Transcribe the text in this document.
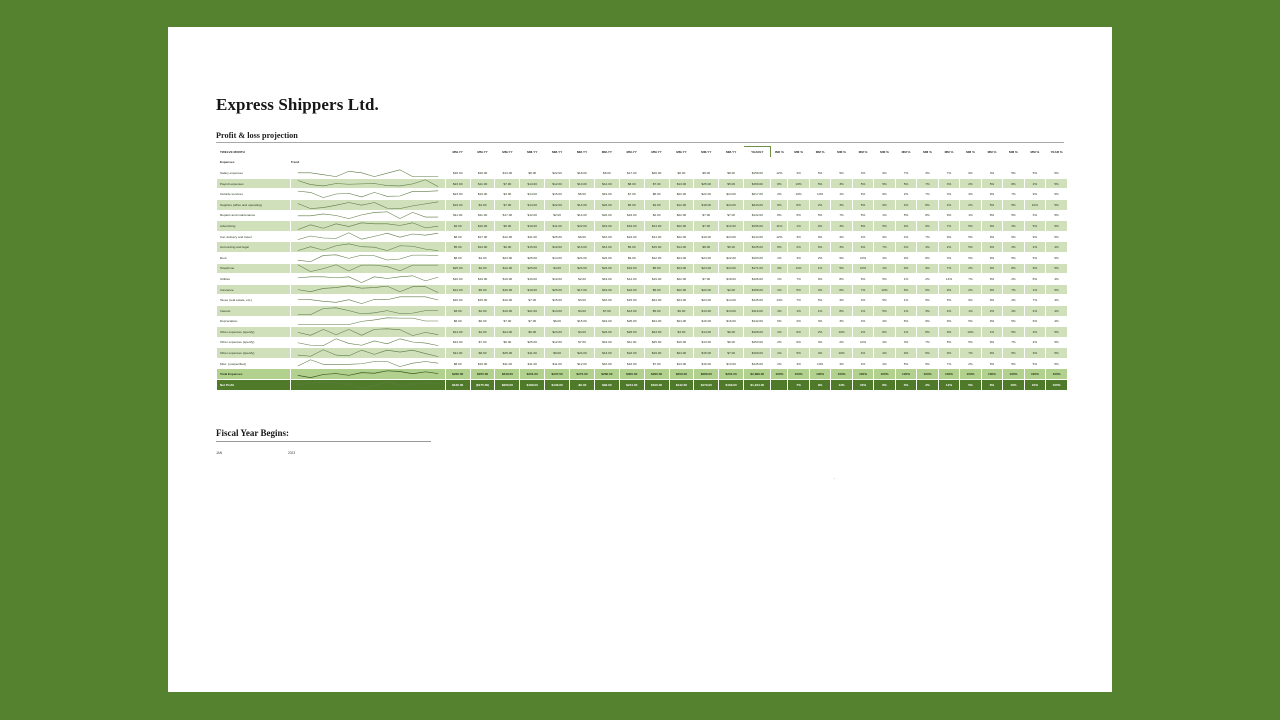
Express Shippers Ltd.
Profit & loss projection
TWELVE MONTH		MM-YY	MM-YY	MM-YY	MM-YY	MM-YY	MM-YY	MM-YY	MM-YY	MM-YY	MM-YY	MM-YY	MM-YY	YEARLY	IND %	MM %	MM %	MM %	MM %	MM %	MM %	MM %	MM %	MM %	MM %	MM %	MM %	YEAR %
Expenses	Trend																											
Salary expenses		$18.00	$18.00	$13.00	$8.00	$22.00	$18.00	$8.00	$17.00	$26.00	$8.00	$8.00	$8.00	$158.00	12%	4%	5%	5%	3%	9%	7%	3%	7%	9%	3%	5%	5%	5%
Payroll expenses		$23.00	$11.00	$7.00	$14.00	$12.00	$13.00	$14.00	$8.00	$7.00	$13.00	$25.00	$5.00	$159.00	8%	10%	5%	3%	5%	5%	5%	7%	3%	2%	5%	8%	2%	5%
Outside services		$23.00	$19.00	$3.00	$14.00	$16.00	$5.00	$19.00	$7.00	$8.00	$22.00	$22.00	$24.00	$217.00	2%	10%	10%	1%	6%	6%	2%	7%	3%	3%	9%	7%	9%	5%
Supplies (office and operating)		$19.00	$4.00	$7.00	$14.00	$22.00	$14.00	$22.00	$5.00	$4.00	$12.00	$18.00	$24.00	$243.00	8%	8%	2%	3%	5%	9%	4%	8%	4%	2%	5%	5%	10%	5%
Repairs and maintenance		$11.00	$11.00	$17.00	$12.00	$2.00	$14.00	$22.00	$24.00	$2.00	$22.00	$7.00	$7.00	$132.00	8%	5%	5%	7%	5%	1%	5%	8%	9%	1%	8%	5%	3%	5%
Advertising		$2.00	$16.00	$6.00	$19.00	$11.00	$22.00	$19.00	$19.00	$14.00	$22.00	$7.00	$12.00	$156.00	11%	1%	9%	3%	8%	5%	9%	9%	7%	5%	9%	3%	5%	5%
Car, delivery and travel		$8.00	$17.00	$12.00	$11.00	$25.00	$9.00	$16.00	$24.00	$14.00	$22.00	$19.00	$24.00	$144.00	12%	3%	9%	4%	4%	9%	4%	7%	9%	5%	9%	6%	9%	5%
Accounting and legal		$5.00	$13.00	$6.00	$15.00	$19.00	$13.00	$12.00	$5.00	$15.00	$14.00	$8.00	$5.00	$135.00	8%	2%	6%	3%	6%	7%	4%	4%	2%	5%	6%	3%	2%	4%
Rent		$8.00	$4.00	$23.00	$25.00	$14.00	$24.00	$22.00	$9.00	$12.00	$24.00	$24.00	$22.00	$193.00	1%	3%	2%	9%	10%	4%	9%	8%	3%	5%	9%	5%	5%	5%
Telephone		$25.00	$2.00	$12.00	$25.00	$4.00	$24.00	$24.00	$19.00	$5.00	$24.00	$24.00	$24.00	$171.00	3%	11%	1%	5%	10%	1%	9%	9%	7%	2%	9%	8%	9%	5%
Utilities		$16.00	$19.00	$19.00	$16.00	$19.00	$2.00	$19.00	$14.00	$19.00	$22.00	$7.00	$18.00	$166.00	1%	7%	9%	8%	6%	5%	1%	2%	14%	7%	9%	2%	8%	4%
Insurance		$12.00	$5.00	$16.00	$19.00	$25.00	$17.00	$19.00	$24.00	$5.00	$22.00	$22.00	$2.00	$158.00	1%	5%	4%	6%	7%	10%	6%	6%	9%	2%	9%	7%	1%	5%
Taxes (real estate, etc.)		$16.00	$15.00	$10.00	$7.00	$15.00	$3.00	$16.00	$15.00	$24.00	$24.00	$24.00	$14.00	$145.00	14%	7%	5%	4%	3%	5%	1%	5%	5%	9%	9%	4%	7%	4%
Interest		$3.00	$2.00	$19.00	$21.00	$13.00	$4.00	$7.00	$13.00	$5.00	$6.00	$13.00	$13.00	$119.00	4%	1%	1%	8%	1%	5%	1%	3%	4%	1%	2%	4%	4%	4%
Depreciation		$6.00	$6.00	$7.00	$7.00	$6.00	$15.00	$19.00	$25.00	$24.00	$24.00	$16.00	$16.00	$142.00	6%	2%	3%	3%	3%	4%	6%	9%	9%	5%	9%	5%	6%	4%
Other expenses (specify)		$14.00	$4.00	$24.00	$6.00	$24.00	$4.00	$24.00	$26.00	$23.00	$3.00	$14.00	$6.00	$168.00	1%	6%	2%	10%	2%	8%	1%	8%	9%	10%	1%	5%	3%	5%
Other expenses (specify)		$14.00	$7.00	$6.00	$25.00	$12.00	$7.00	$19.00	$11.00	$25.00	$16.00	$13.00	$6.00	$153.00	2%	6%	3%	2%	10%	4%	3%	7%	5%	5%	9%	7%	4%	5%
Other expenses (specify)		$11.00	$8.00	$25.00	$11.00	$9.00	$24.00	$13.00	$24.00	$19.00	$24.00	$15.00	$7.00	$190.00	1%	5%	4%	10%	4%	4%	9%	5%	9%	7%	9%	5%	3%	5%
Misc. (unspecified)		$8.00	$19.00	$11.00	$11.00	$11.00	$12.00	$16.00	$16.00	$7.00	$13.00	$16.00	$13.00	$145.00	2%	3%	10%	4%	4%	4%	5%	6%	7%	2%	5%	5%	5%	5%
Total Expenses		$236.00	$205.00	$249.00	$261.00	$237.00	$274.00	$266.00	$300.00	$290.00	$259.00	$286.00	$261.00	$2,989.00	100%	100%	100%	100%	100%	100%	100%	100%	100%	100%	100%	100%	100%	100%
Net Profit		$120.00	($175.00)	$206.00	$189.00	$136.00	-$0.00	$92.00	$214.00	$100.00	$142.00	$179.00	$169.00	$1,944.00		7%	9%	14%	10%	8%	0%	2%	12%	5%	8%	10%	10%	100%
Fiscal Year Begins:
JAN	2023
.
